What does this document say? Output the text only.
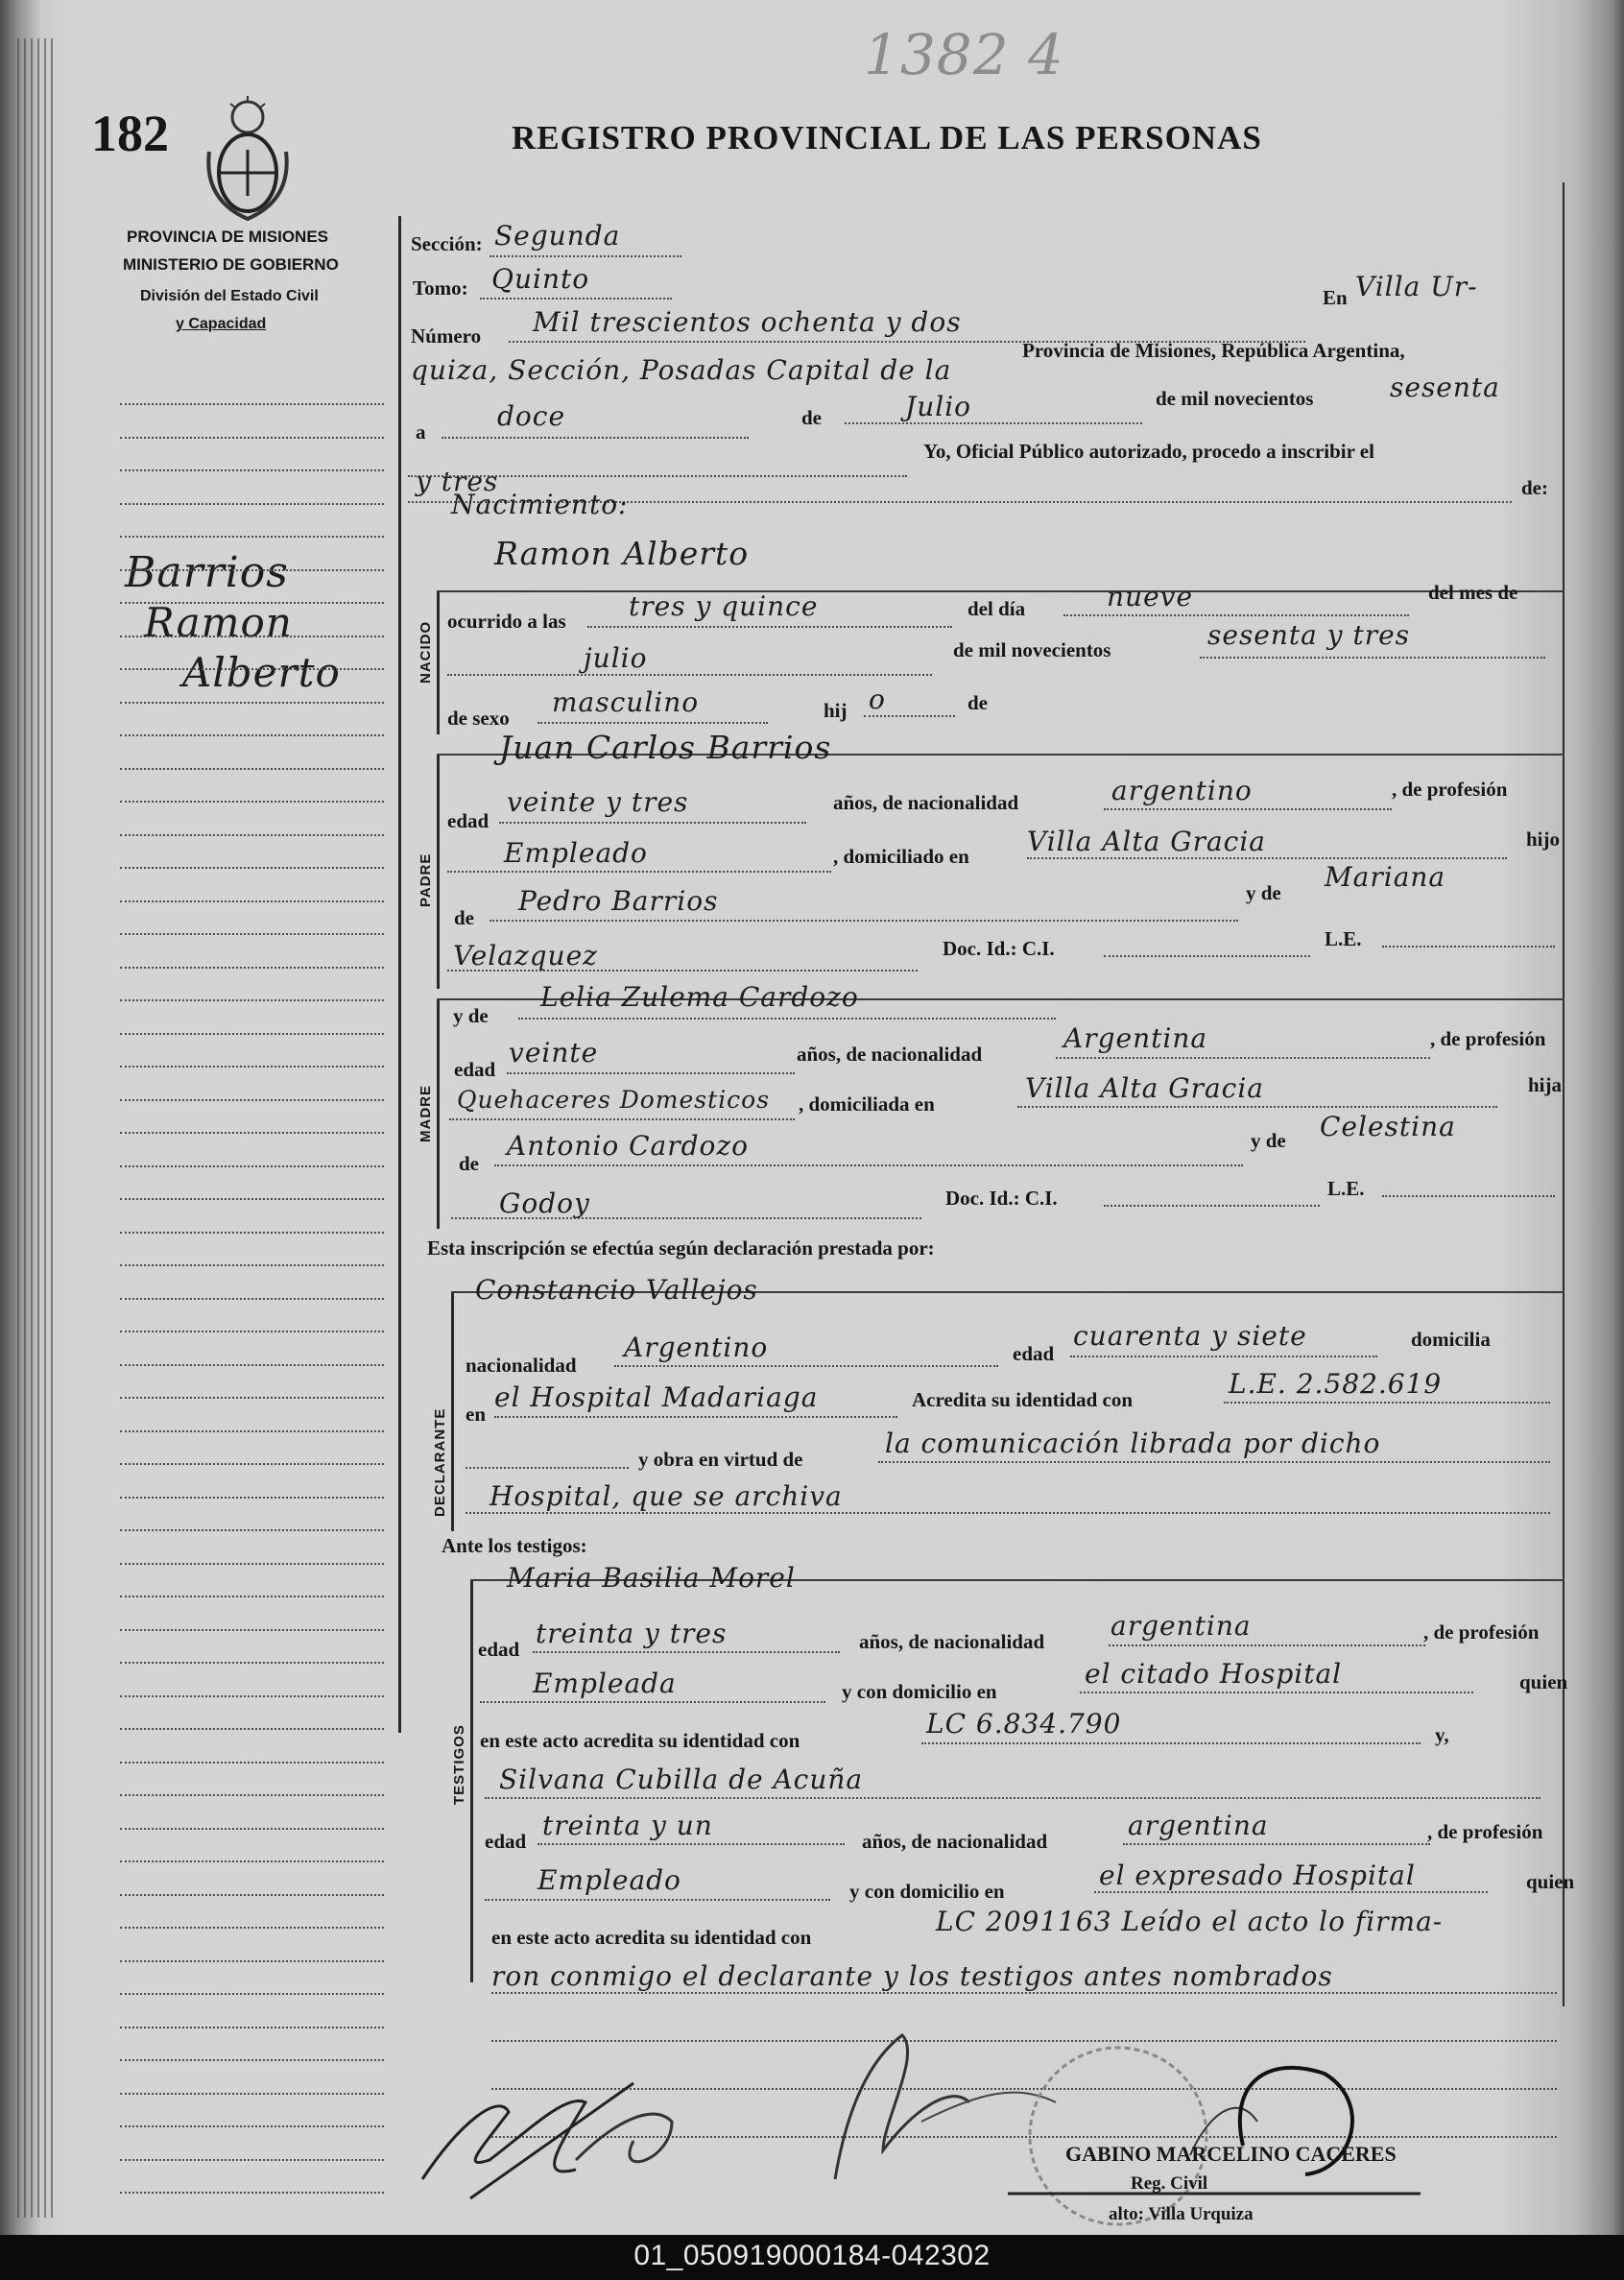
182
1382 4
REGISTRO PROVINCIAL DE LAS PERSONAS
PROVINCIA DE MISIONES
MINISTERIO DE GOBIERNO
División del Estado Civil
y Capacidad
Barrios
Ramon
Alberto
Sección: Segunda
Tomo: Quinto
Número Mil trescientos ochenta y dos
En Villa Ur-
quiza, Sección, Posadas Capital de la
Provincia de Misiones, República Argentina,
a	doce	de	Julio	de mil novecientos	sesenta
y tres
Yo, Oficial Público autorizado, procedo a inscribir el
de:
Nacimiento:
NACIDO
Ramon Alberto
ocurrido a las tres y quince	del día	nueve	del mes de
julio	de mil novecientos	sesenta y tres
de sexo masculino	hij o	de
PADRE
Juan Carlos Barrios
edad
veinte y tres	años, de nacionalidad	argentino	, de profesión
Empleado	, domiciliado en Villa Alta Gracia	hijo
de
Pedro Barrios	y de Mariana
Velazquez	Doc. Id.: C.I.	L.E.
MADRE
y de
Lelia Zulema Cardozo
edad
veinte	años, de nacionalidad	Argentina	, de profesión
Quehaceres Domesticos , domiciliada en	Villa Alta Gracia	hija
de
Antonio Cardozo	y de Celestina
Godoy	Doc. Id.: C.I.	L.E.
Esta inscripción se efectúa según declaración prestada por:
DECLARANTE
Constancio Vallejos
nacionalidad
Argentino	edad
cuarenta y siete	domicilia
en
el Hospital Madariaga	Acredita su identidad con	L.E. 2.582.619
y obra en virtud de	la comunicación librada por dicho
Hospital, que se archiva
Ante los testigos:
TESTIGOS
Maria Basilia Morel
edad treinta y tres	años, de nacionalidad argentina	, de profesión
Empleada	y con domicilio en
el citado Hospital	quien
en este acto acredita su identidad con
LC 6.834.790	y,
Silvana Cubilla de Acuña
edad treinta y un	años, de nacionalidad	argentina	, de profesión
Empleado	y con domicilio en	el expresado Hospital	quien
en este acto acredita su identidad con	LC 2091163 Leído el acto lo firma-
ron conmigo el declarante y los testigos antes nombrados
GABINO MARCELINO CACERES
Reg. Civil
alto: Villa Urquiza
01_050919000184-042302
